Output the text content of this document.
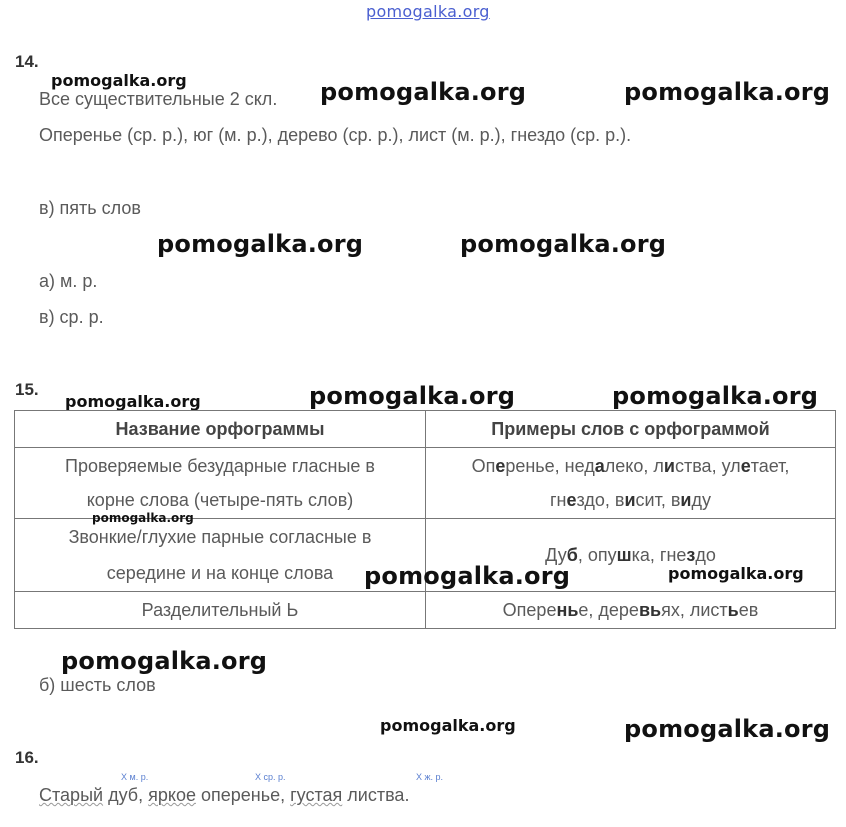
pomogalka.org
14.
pomogalka.org
Все существительные 2 скл. pomogalka.org	pomogalka.org
Оперенье (ср. р.), юг (м. р.), дерево (ср. р.), лист (м. р.), гнездо (ср. р.).
в) пять слов
pomogalka.org	pomogalka.org
а) м. р.
в) ср. р.
15.
pomogalka.org	pomogalka.org	pomogalka.org
Название орфограммы	Примеры слов с орфограммой
Проверяемые безударные гласные в
корне слова (четыре-пять слов)	Оперенье, недалеко, листва, улетает,
гнездо, висит, виду

Звонкие/глухие парные согласные в
середине и на конце слова	Дуб, опушка, гнездо
Разделительный Ь	Оперенье, деревьях, листьев
pomogalka.org
pomogalka.org	pomogalka.org
pomogalka.org
б) шесть слов
pomogalka.org	pomogalka.org
16.
Х м. р.	Х ср. р.	Х ж. р.
Старый дуб, яркое оперенье, густая листва.
